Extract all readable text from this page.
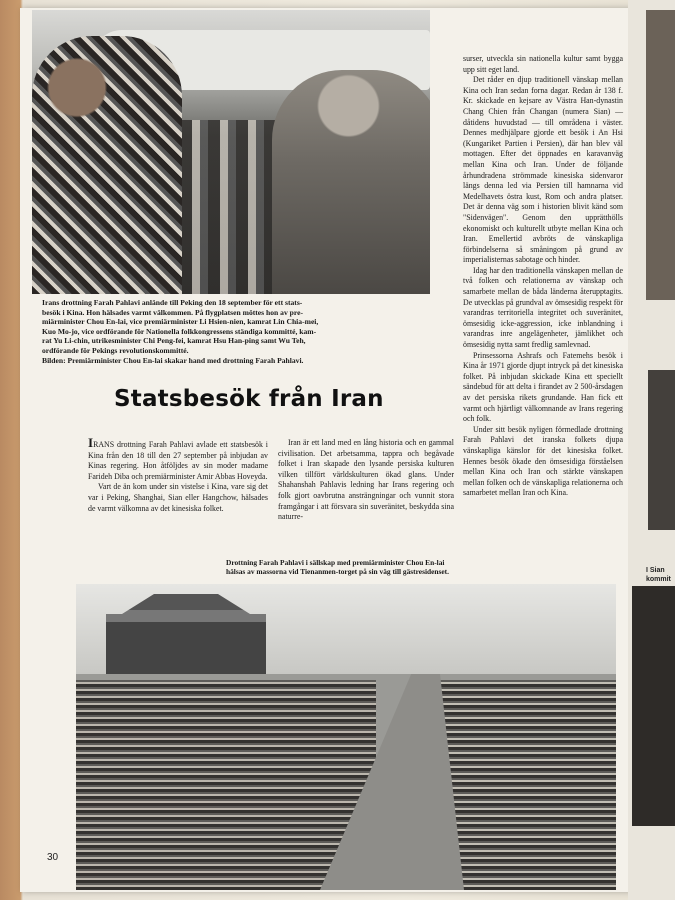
Irans drottning Farah Pahlavi anlände till Peking den 18 september för ett stats-
besök i Kina. Hon hälsades varmt välkommen. På flygplatsen möttes hon av pre-
miärminister Chou En-lai, vice premiärminister Li Hsien-nien, kamrat Lin Chia-mei,
Kuo Mo-jo, vice ordförande för Nationella folkkongressens ständiga kommitté, kam-
rat Yu Li-chin, utrikesminister Chi Peng-fei, kamrat Hsu Han-ping samt Wu Teh,
ordförande för Pekings revolutionskommitté.
Bilden: Premiärminister Chou En-lai skakar hand med drottning Farah Pahlavi.
Statsbesök från Iran

IRANS drottning Farah Pahlavi avlade ett statsbesök i Kina från den 18 till den 27 september på inbjudan av Kinas regering. Hon åtföljdes av sin moder madame Farideh Diba och premiärminister Amir Abbas Hoveyda.

Vart de än kom under sin vistelse i Kina, vare sig det var i Peking, Shanghai, Sian eller Hangchow, hälsades de varmt välkomna av det kinesiska folket.

Iran är ett land med en lång historia och en gammal civilisation. Det arbetsamma, tappra och begåvade folket i Iran skapade den lysande persiska kulturen vilken tillfört världskulturen ökad glans. Under Shahanshah Pahlavis ledning har Irans regering och folk gjort oavbrutna ansträngningar och vunnit stora framgångar i att försvara sin suveränitet, beskydda sina naturre-

surser, utveckla sin nationella kultur samt bygga upp sitt eget land.

Det råder en djup traditionell vänskap mellan Kina och Iran sedan forna dagar. Redan år 138 f. Kr. skickade en kejsare av Västra Han-dynastin Chang Chien från Changan (numera Sian) — dåtidens huvudstad — till områdena i väster. Dennes medhjälpare gjorde ett besök i An Hsi (Kungariket Partien i Persien), där han blev väl mottagen. Efter det öppnades en karavanväg mellan Kina och Iran. Under de följande århundradena strömmade kinesiska sidenvaror längs denna led via Persien till hamnarna vid Medelhavets östra kust, Rom och andra platser. Det är denna väg som i historien blivit känd som "Sidenvägen". Genom den upprätthölls ekonomiskt och kulturellt utbyte mellan Kina och Iran. Emellertid avbröts de vänskapliga förbindelserna så småningom på grund av imperialisternas sabotage och hinder.

Idag har den traditionella vänskapen mellan de två folken och relationerna av vänskap och samarbete mellan de båda länderna återupptagits. De utvecklas på grundval av ömsesidig respekt för varandras territoriella integritet och suveränitet, ömsesidig icke-aggression, icke inblandning i varandras inre angelägenheter, jämlikhet och ömsesidig nytta samt fredlig samlevnad.

Prinsessorna Ashrafs och Fatemehs besök i Kina år 1971 gjorde djupt intryck på det kinesiska folket. På inbjudan skickade Kina ett speciellt sändebud för att delta i firandet av 2 500-årsdagen av det persiska rikets grundande. Han fick ett varmt och hjärtligt välkomnande av Irans regering och folk.

Under sitt besök nyligen förmedlade drottning Farah Pahlavi det iranska folkets djupa vänskapliga känslor för det kinesiska folket. Hennes besök ökade den ömsesidiga förståelsen mellan Kina och Iran och stärkte vänskapen mellan folken och de vänskapliga relationerna och samarbetet mellan Iran och Kina.

Drottning Farah Pahlavi i sällskap med premiärminister Chou En-lai
hälsas av massorna vid Tienanmen-torget på sin väg till gästresidenset.

30

I Sian
kommit
